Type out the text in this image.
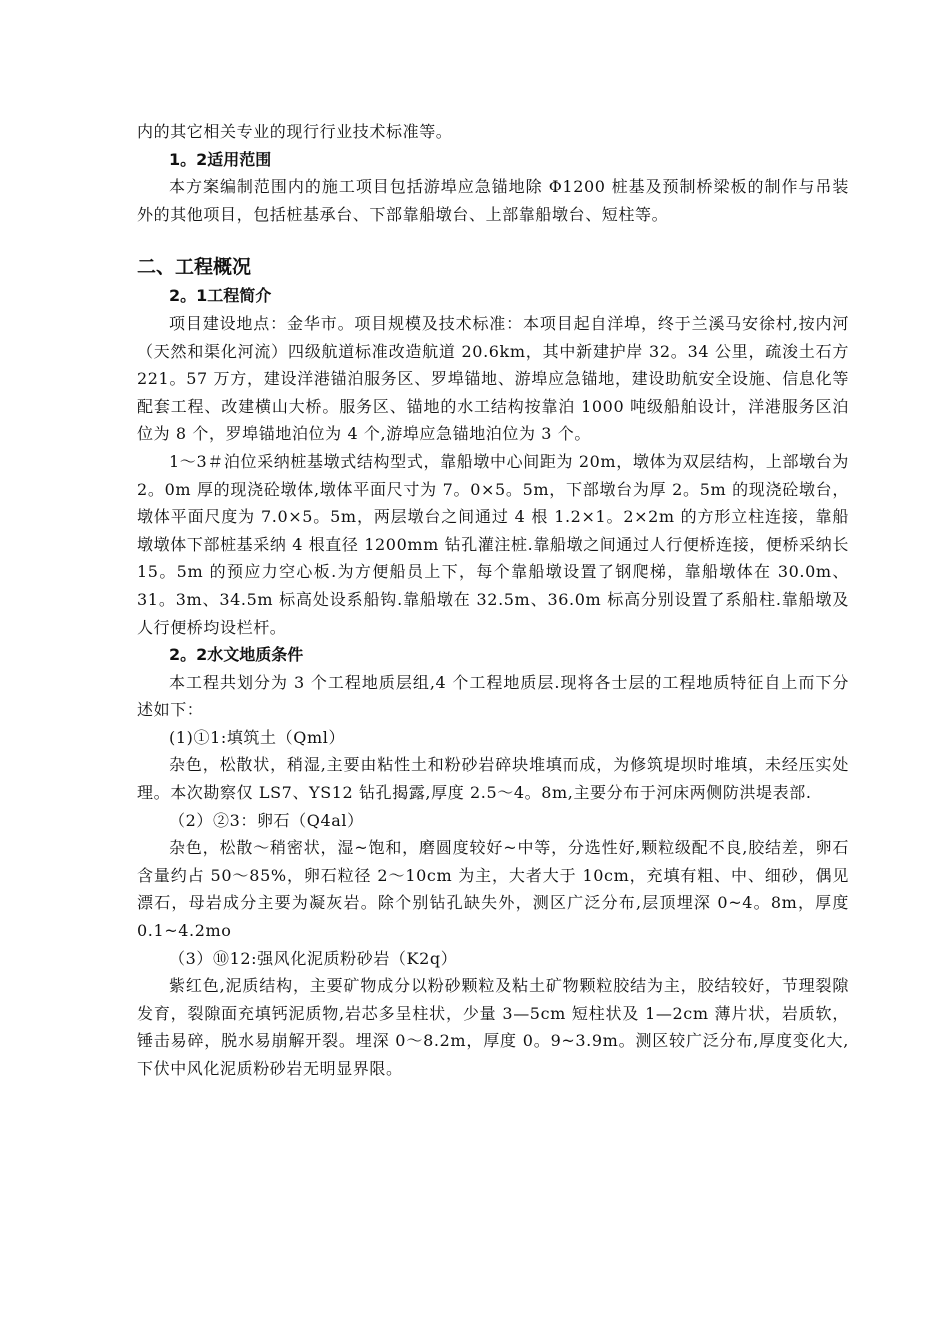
内的其它相关专业的现行行业技术标准等。

1。2适用范围

本方案编制范围内的施工项目包括游埠应急锚地除 Φ1200 桩基及预制桥梁板的制作与吊装外的其他项目，包括桩基承台、下部靠船墩台、上部靠船墩台、短柱等。

二、工程概况
2。1工程简介

项目建设地点：金华市。项目规模及技术标准：本项目起自洋埠，终于兰溪马安徐村,按内河（天然和渠化河流）四级航道标准改造航道 20.6km，其中新建护岸 32。34 公里，疏浚土石方 221。57 万方，建设洋港锚泊服务区、罗埠锚地、游埠应急锚地，建设助航安全设施、信息化等配套工程、改建横山大桥。服务区、锚地的水工结构按靠泊 1000 吨级船舶设计，洋港服务区泊位为 8 个，罗埠锚地泊位为 4 个,游埠应急锚地泊位为 3 个。

1～3＃泊位采纳桩基墩式结构型式，靠船墩中心间距为 20m，墩体为双层结构，上部墩台为 2。0m 厚的现浇砼墩体,墩体平面尺寸为 7。0×5。5m，下部墩台为厚 2。5m 的现浇砼墩台，墩体平面尺度为 7.0×5。5m，两层墩台之间通过 4 根 1.2×1。2×2m 的方形立柱连接，靠船墩墩体下部桩基采纳 4 根直径 1200mm 钻孔灌注桩.靠船墩之间通过人行便桥连接，便桥采纳长 15。5m 的预应力空心板.为方便船员上下，每个靠船墩设置了钢爬梯，靠船墩体在 30.0m、31。3m、34.5m 标高处设系船钩.靠船墩在 32.5m、36.0m 标高分别设置了系船柱.靠船墩及人行便桥均设栏杆。

2。2水文地质条件

本工程共划分为 3 个工程地质层组,4 个工程地质层.现将各士层的工程地质特征自上而下分述如下：

(1)①1:填筑土（Qml）

杂色，松散状，稍湿,主要由粘性土和粉砂岩碎块堆填而成，为修筑堤坝时堆填，未经压实处理。本次勘察仅 LS7、YS12 钻孔揭露,厚度 2.5～4。8m,主要分布于河床两侧防洪堤表部.

（2）②3：卵石（Q4al）

杂色，松散～稍密状，湿~饱和，磨圆度较好~中等，分选性好,颗粒级配不良,胶结差，卵石含量约占 50～85%，卵石粒径 2～10cm 为主，大者大于 10cm，充填有粗、中、细砂，偶见漂石，母岩成分主要为凝灰岩。除个别钻孔缺失外，测区广泛分布,层顶埋深 0~4。8m，厚度 0.1~4.2mo

（3）⑩12:强风化泥质粉砂岩（K2q）

紫红色,泥质结构，主要矿物成分以粉砂颗粒及粘土矿物颗粒胶结为主，胶结较好，节理裂隙发育，裂隙面充填钙泥质物,岩芯多呈柱状，少量 3—5cm 短柱状及 1—2cm 薄片状，岩质软，锤击易碎，脱水易崩解开裂。埋深 0～8.2m，厚度 0。9~3.9m。测区较广泛分布,厚度变化大,下伏中风化泥质粉砂岩无明显界限。
